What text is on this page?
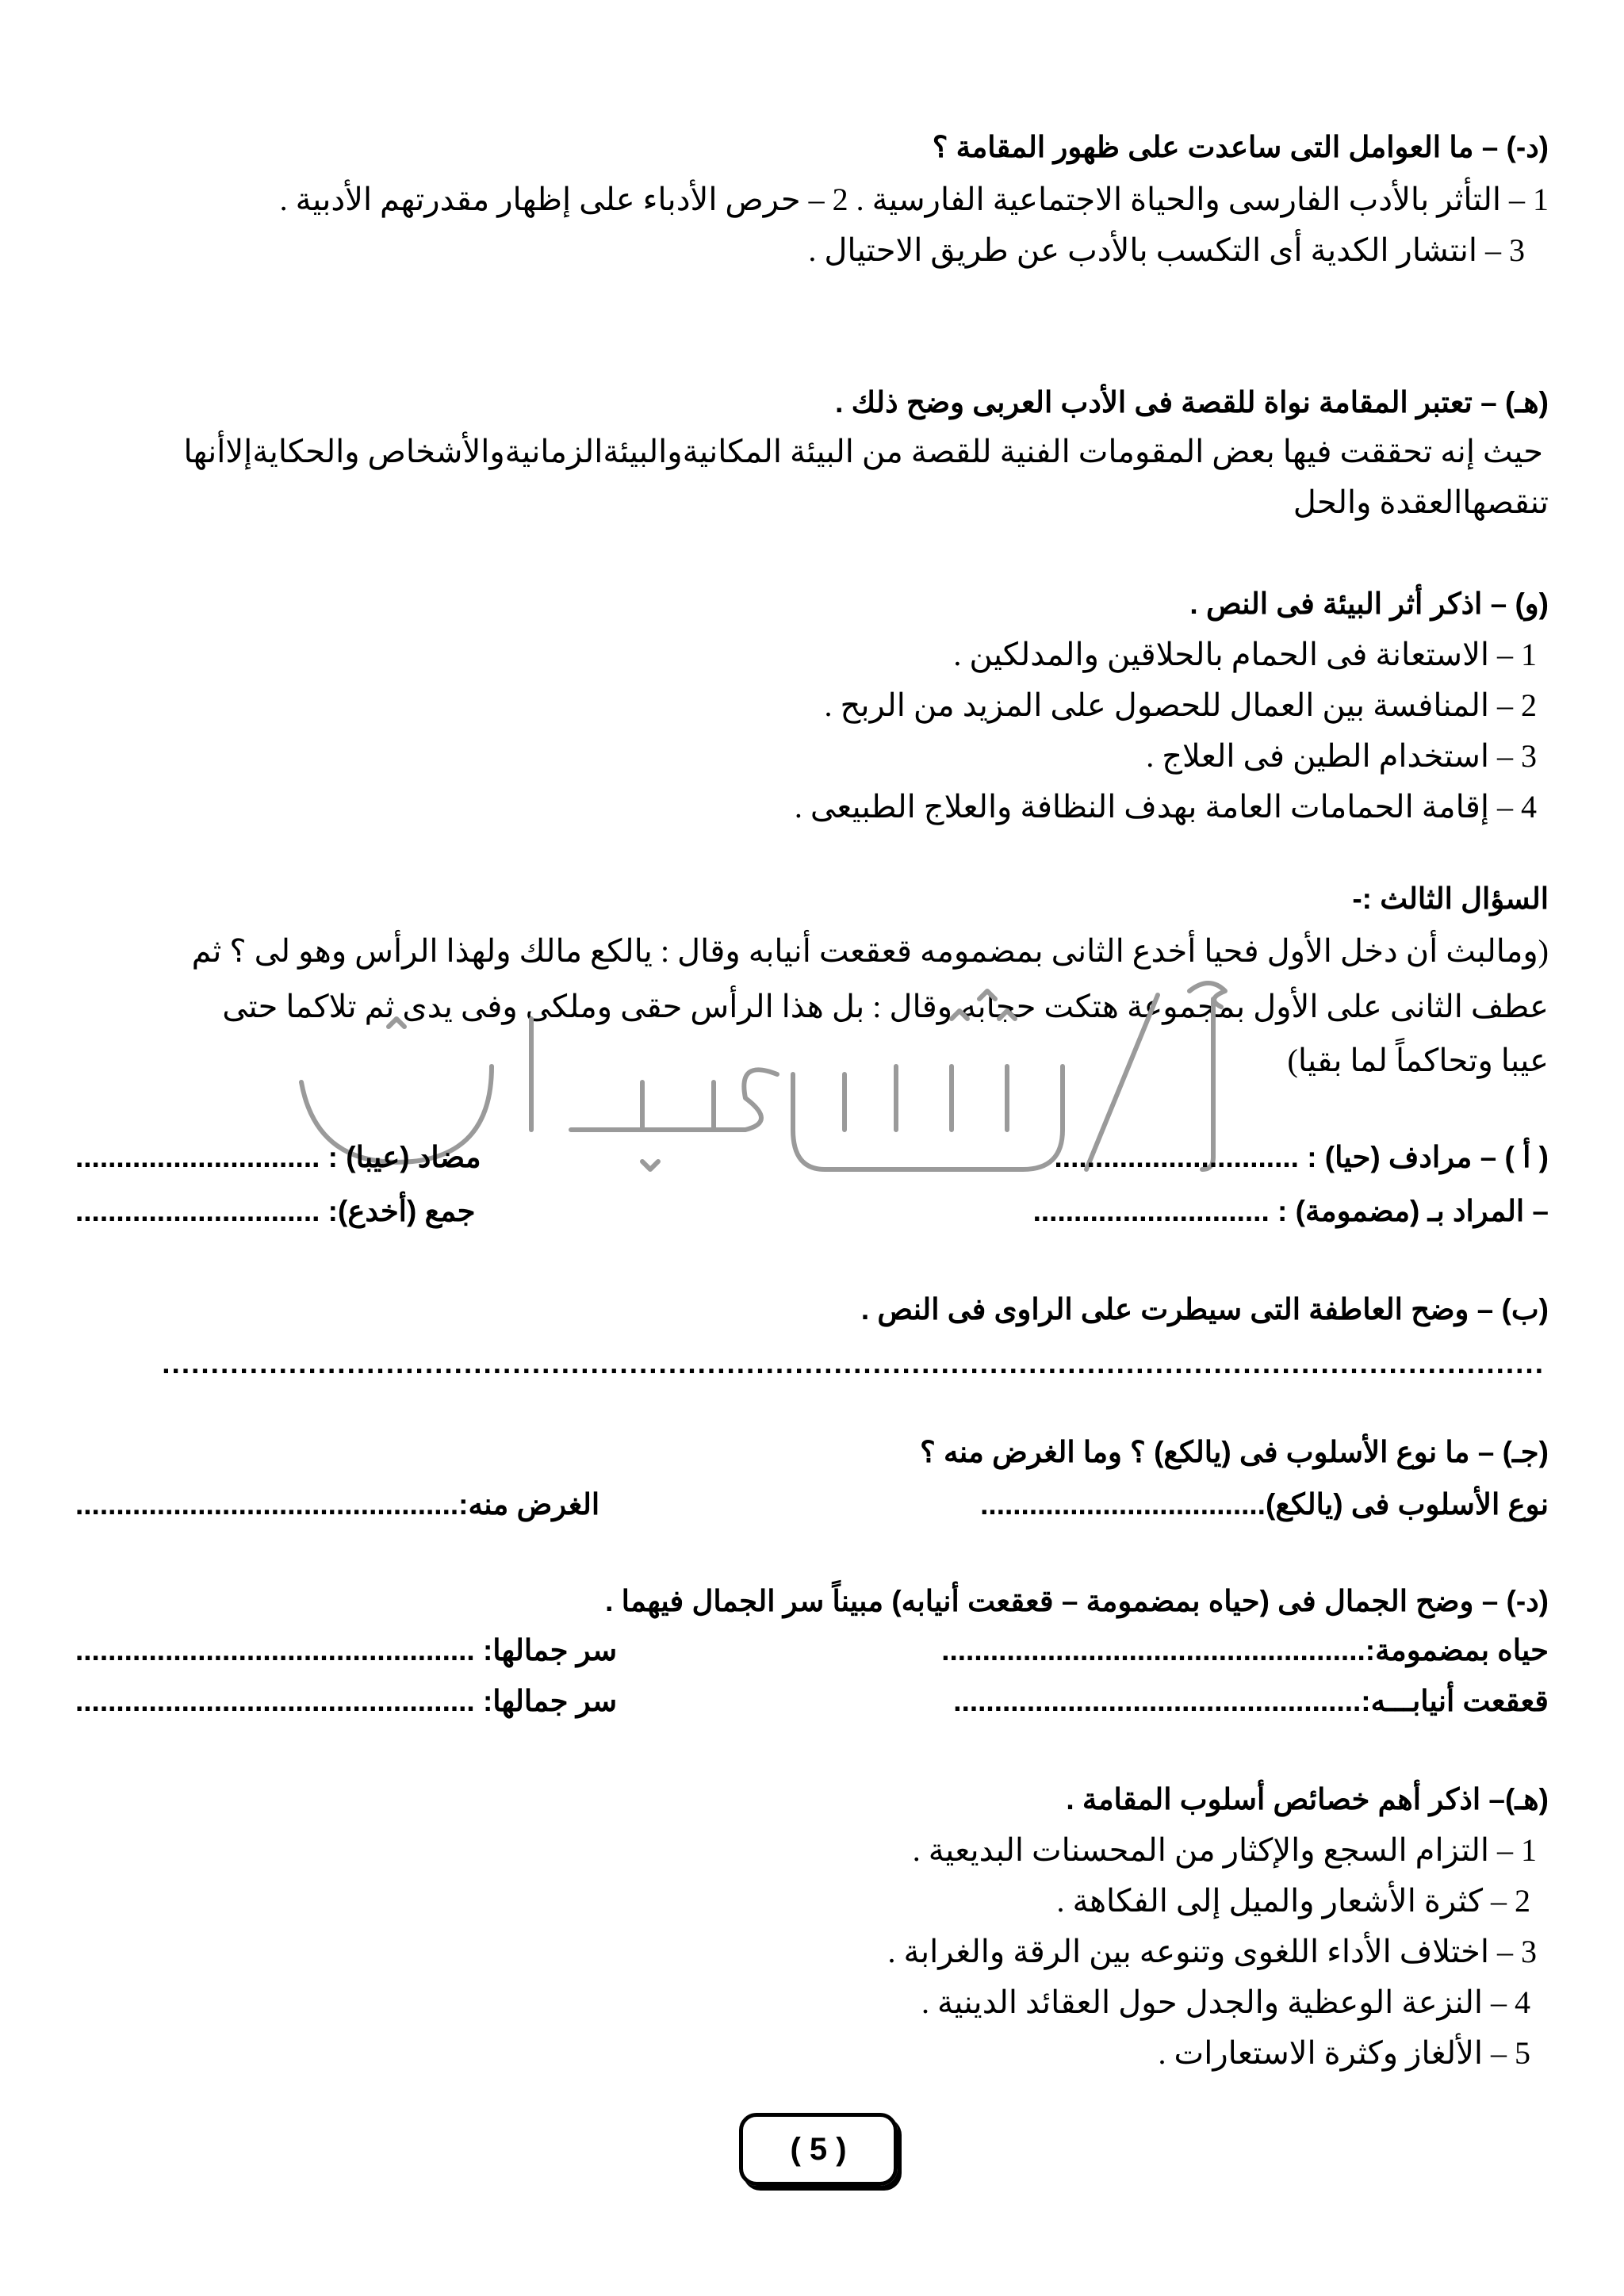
(د-) – ما العوامل التى ساعدت على ظهور المقامة ؟
1 – التأثر بالأدب الفارسى والحياة الاجتماعية الفارسية . 2 – حرص الأدباء على إظهار مقدرتهم الأدبية .
3 – انتشار الكدية أى التكسب بالأدب عن طريق الاحتيال .
(هـ) – تعتبر المقامة نواة للقصة فى الأدب العربى وضح ذلك .
حيث إنه تحققت فيها بعض المقومات الفنية للقصة من البيئة المكانيةوالبيئةالزمانيةوالأشخاص والحكايةإلاأنها
تنقصهاالعقدة والحل
(و) – اذكر أثر البيئة فى النص .
1 – الاستعانة فى الحمام بالحلاقين والمدلكين .
2 – المنافسة بين العمال للحصول على المزيد من الربح .
3 – استخدام الطين فى العلاج .
4 – إقامة الحمامات العامة بهدف النظافة والعلاج الطبيعى .
السؤال الثالث :-
(ومالبث أن دخل الأول فحيا أخدع الثانى بمضمومه قعقعت أنيابه وقال : يالكع مالك ولهذا الرأس وهو لى ؟ ثم
عطف الثانى على الأول بمجموعة هتكت حجابه وقال : بل هذا الرأس حقى وملكى وفى يدى ثم تلاكما حتى
عيبا وتحاكماً لما بقيا)
أ/ شعبان
( أ ) – مرادف (حيا) : ..............................
مضاد (عيبا) : ..............................
– المراد بـ (مضمومة) : .............................
جمع (أخدع): ..............................
(ب) – وضح العاطفة التى سيطرت على الراوى فى النص .
..............................................................................................................................................
(جـ) – ما نوع الأسلوب فى (يالكع) ؟ وما الغرض منه ؟
نوع الأسلوب فى (يالكع)...................................
الغرض منه:...............................................
(د-) – وضح الجمال فى (حياه بمضمومة – قعقعت أنيابه) مبيناً سر الجمال فيهما .
حياه بمضمومة:....................................................
سر جمالها: .................................................
قعقعت أنيابـــه:..................................................
سر جمالها: .................................................
(هـ)– اذكر أهم خصائص أسلوب المقامة .
1 – التزام السجع والإكثار من المحسنات البديعية .
2 – كثرة الأشعار والميل إلى الفكاهة .
3 – اختلاف الأداء اللغوى وتنوعه بين الرقة والغرابة .
4 – النزعة الوعظية والجدل حول العقائد الدينية .
5 – الألغاز وكثرة الاستعارات .
( 5 )
